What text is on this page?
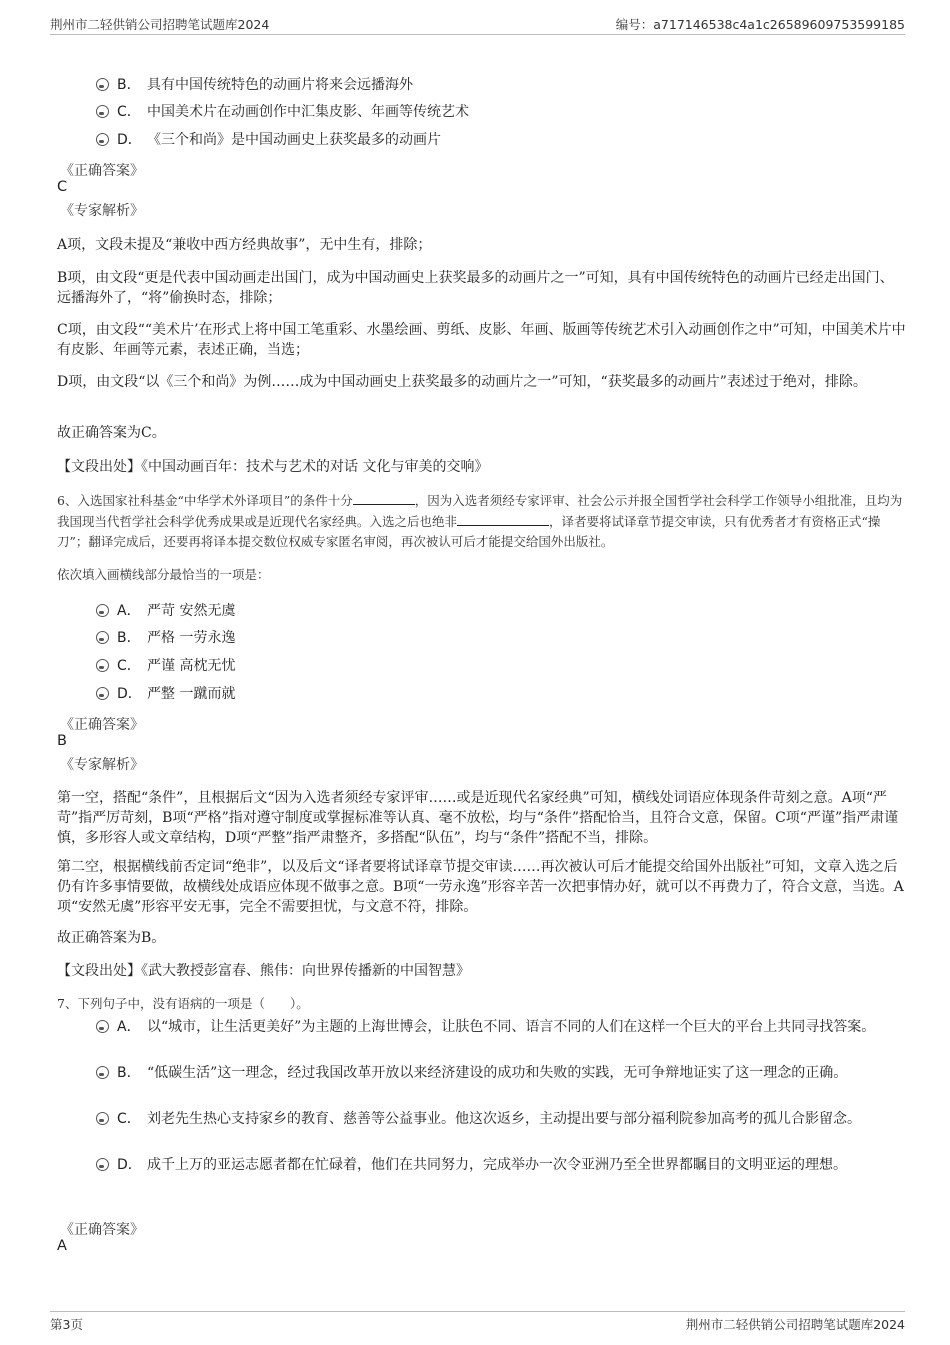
荆州市二轻供销公司招聘笔试题库2024	编号：a717146538c4a1c26589609753599185
B． 具有中国传统特色的动画片将来会远播海外
C． 中国美术片在动画创作中汇集皮影、年画等传统艺术
D． 《三个和尚》是中国动画史上获奖最多的动画片
《正确答案》
C
《专家解析》
A项，文段未提及“兼收中西方经典故事”，无中生有，排除；
B项，由文段“更是代表中国动画走出国门，成为中国动画史上获奖最多的动画片之一”可知，具有中国传统特色的动画片已经走出国门、远播海外了，“将”偷换时态，排除；
C项，由文段““美术片’在形式上将中国工笔重彩、水墨绘画、剪纸、皮影、年画、版画等传统艺术引入动画创作之中”可知，中国美术片中有皮影、年画等元素，表述正确，当选；
D项，由文段“以《三个和尚》为例……成为中国动画史上获奖最多的动画片之一”可知，“获奖最多的动画片”表述过于绝对，排除。
故正确答案为C。
【文段出处】《中国动画百年：技术与艺术的对话 文化与审美的交响》
6、入选国家社科基金“中华学术外译项目”的条件十分	，因为入选者须经专家评审、社会公示并报全国哲学社会科学工作领导小组批准，且均为我国现当代哲学社会科学优秀成果或是近现代名家经典。入选之后也绝非	，译者要将试译章节提交审读，只有优秀者才有资格正式“操刀”；翻译完成后，还要再将译本提交数位权威专家匿名审阅，再次被认可后才能提交给国外出版社。
依次填入画横线部分最恰当的一项是：
A． 严苛 安然无虞
B． 严格 一劳永逸
C． 严谨 高枕无忧
D． 严整 一蹴而就
《正确答案》
B
《专家解析》
第一空，搭配“条件”，且根据后文“因为入选者须经专家评审……或是近现代名家经典”可知，横线处词语应体现条件苛刻之意。A项“严苛”指严厉苛刻，B项“严格”指对遵守制度或掌握标准等认真、毫不放松，均与“条件”搭配恰当，且符合文意，保留。C项“严谨”指严肃谨慎，多形容人或文章结构，D项“严整”指严肃整齐，多搭配“队伍”，均与“条件”搭配不当，排除。
第二空，根据横线前否定词“绝非”，以及后文“译者要将试译章节提交审读……再次被认可后才能提交给国外出版社”可知，文章入选之后仍有许多事情要做，故横线处成语应体现不做事之意。B项“一劳永逸”形容辛苦一次把事情办好，就可以不再费力了，符合文意，当选。A项“安然无虞”形容平安无事，完全不需要担忧，与文意不符，排除。
故正确答案为B。
【文段出处】《武大教授彭富春、熊伟：向世界传播新的中国智慧》
7、下列句子中，没有语病的一项是（　　）。
A． 以“城市，让生活更美好”为主题的上海世博会，让肤色不同、语言不同的人们在这样一个巨大的平台上共同寻找答案。
B． “低碳生活”这一理念，经过我国改革开放以来经济建设的成功和失败的实践，无可争辩地证实了这一理念的正确。
C． 刘老先生热心支持家乡的教育、慈善等公益事业。他这次返乡，主动提出要与部分福利院参加高考的孤儿合影留念。
D． 成千上万的亚运志愿者都在忙碌着，他们在共同努力，完成举办一次令亚洲乃至全世界都瞩目的文明亚运的理想。
《正确答案》
A
第3页	荆州市二轻供销公司招聘笔试题库2024
